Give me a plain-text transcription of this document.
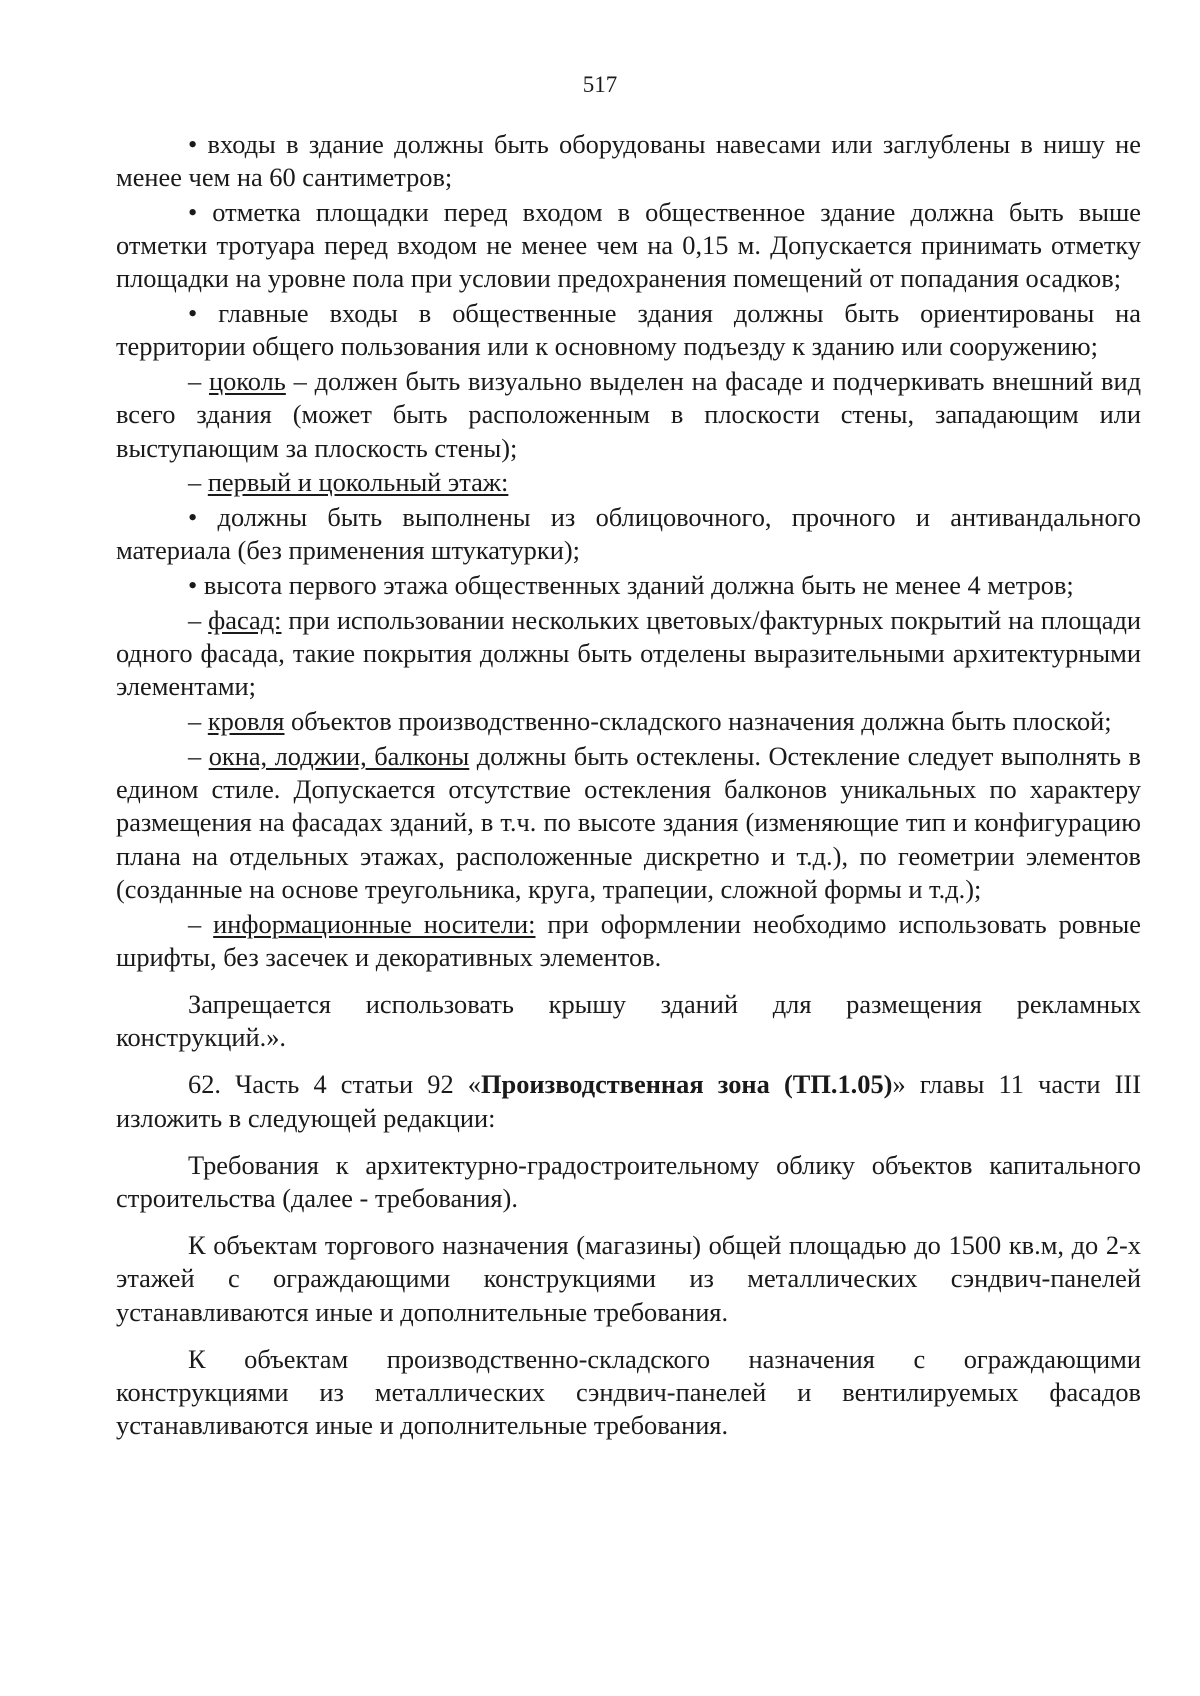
517

• входы в здание должны быть оборудованы навесами или заглублены в нишу не менее чем на 60 сантиметров;

• отметка площадки перед входом в общественное здание должна быть выше отметки тротуара перед входом не менее чем на 0,15 м. Допускается принимать отметку площадки на уровне пола при условии предохранения помещений от попадания осадков;

• главные входы в общественные здания должны быть ориентированы на территории общего пользования или к основному подъезду к зданию или сооружению;

– цоколь – должен быть визуально выделен на фасаде и подчеркивать внешний вид всего здания (может быть расположенным в плоскости стены, западающим или выступающим за плоскость стены);

– первый и цокольный этаж:

• должны быть выполнены из облицовочного, прочного и антивандального материала (без применения штукатурки);

• высота первого этажа общественных зданий должна быть не менее 4 метров;

– фасад: при использовании нескольких цветовых/фактурных покрытий на площади одного фасада, такие покрытия должны быть отделены выразительными архитектурными элементами;

– кровля объектов производственно-складского назначения должна быть плоской;

– окна, лоджии, балконы должны быть остеклены. Остекление следует выполнять в едином стиле. Допускается отсутствие остекления балконов уникальных по характеру размещения на фасадах зданий, в т.ч. по высоте здания (изменяющие тип и конфигурацию плана на отдельных этажах, расположенные дискретно и т.д.), по геометрии элементов (созданные на основе треугольника, круга, трапеции, сложной формы и т.д.);

– информационные носители: при оформлении необходимо использовать ровные шрифты, без засечек и декоративных элементов.

Запрещается использовать крышу зданий для размещения рекламных конструкций.».

62. Часть 4 статьи 92 «Производственная зона (ТП.1.05)» главы 11 части III изложить в следующей редакции:

Требования к архитектурно-градостроительному облику объектов капитального строительства (далее - требования).

К объектам торгового назначения (магазины) общей площадью до 1500 кв.м, до 2-х этажей с ограждающими конструкциями из металлических сэндвич-панелей устанавливаются иные и дополнительные требования.

К объектам производственно-складского назначения с ограждающими конструкциями из металлических сэндвич-панелей и вентилируемых фасадов устанавливаются иные и дополнительные требования.
